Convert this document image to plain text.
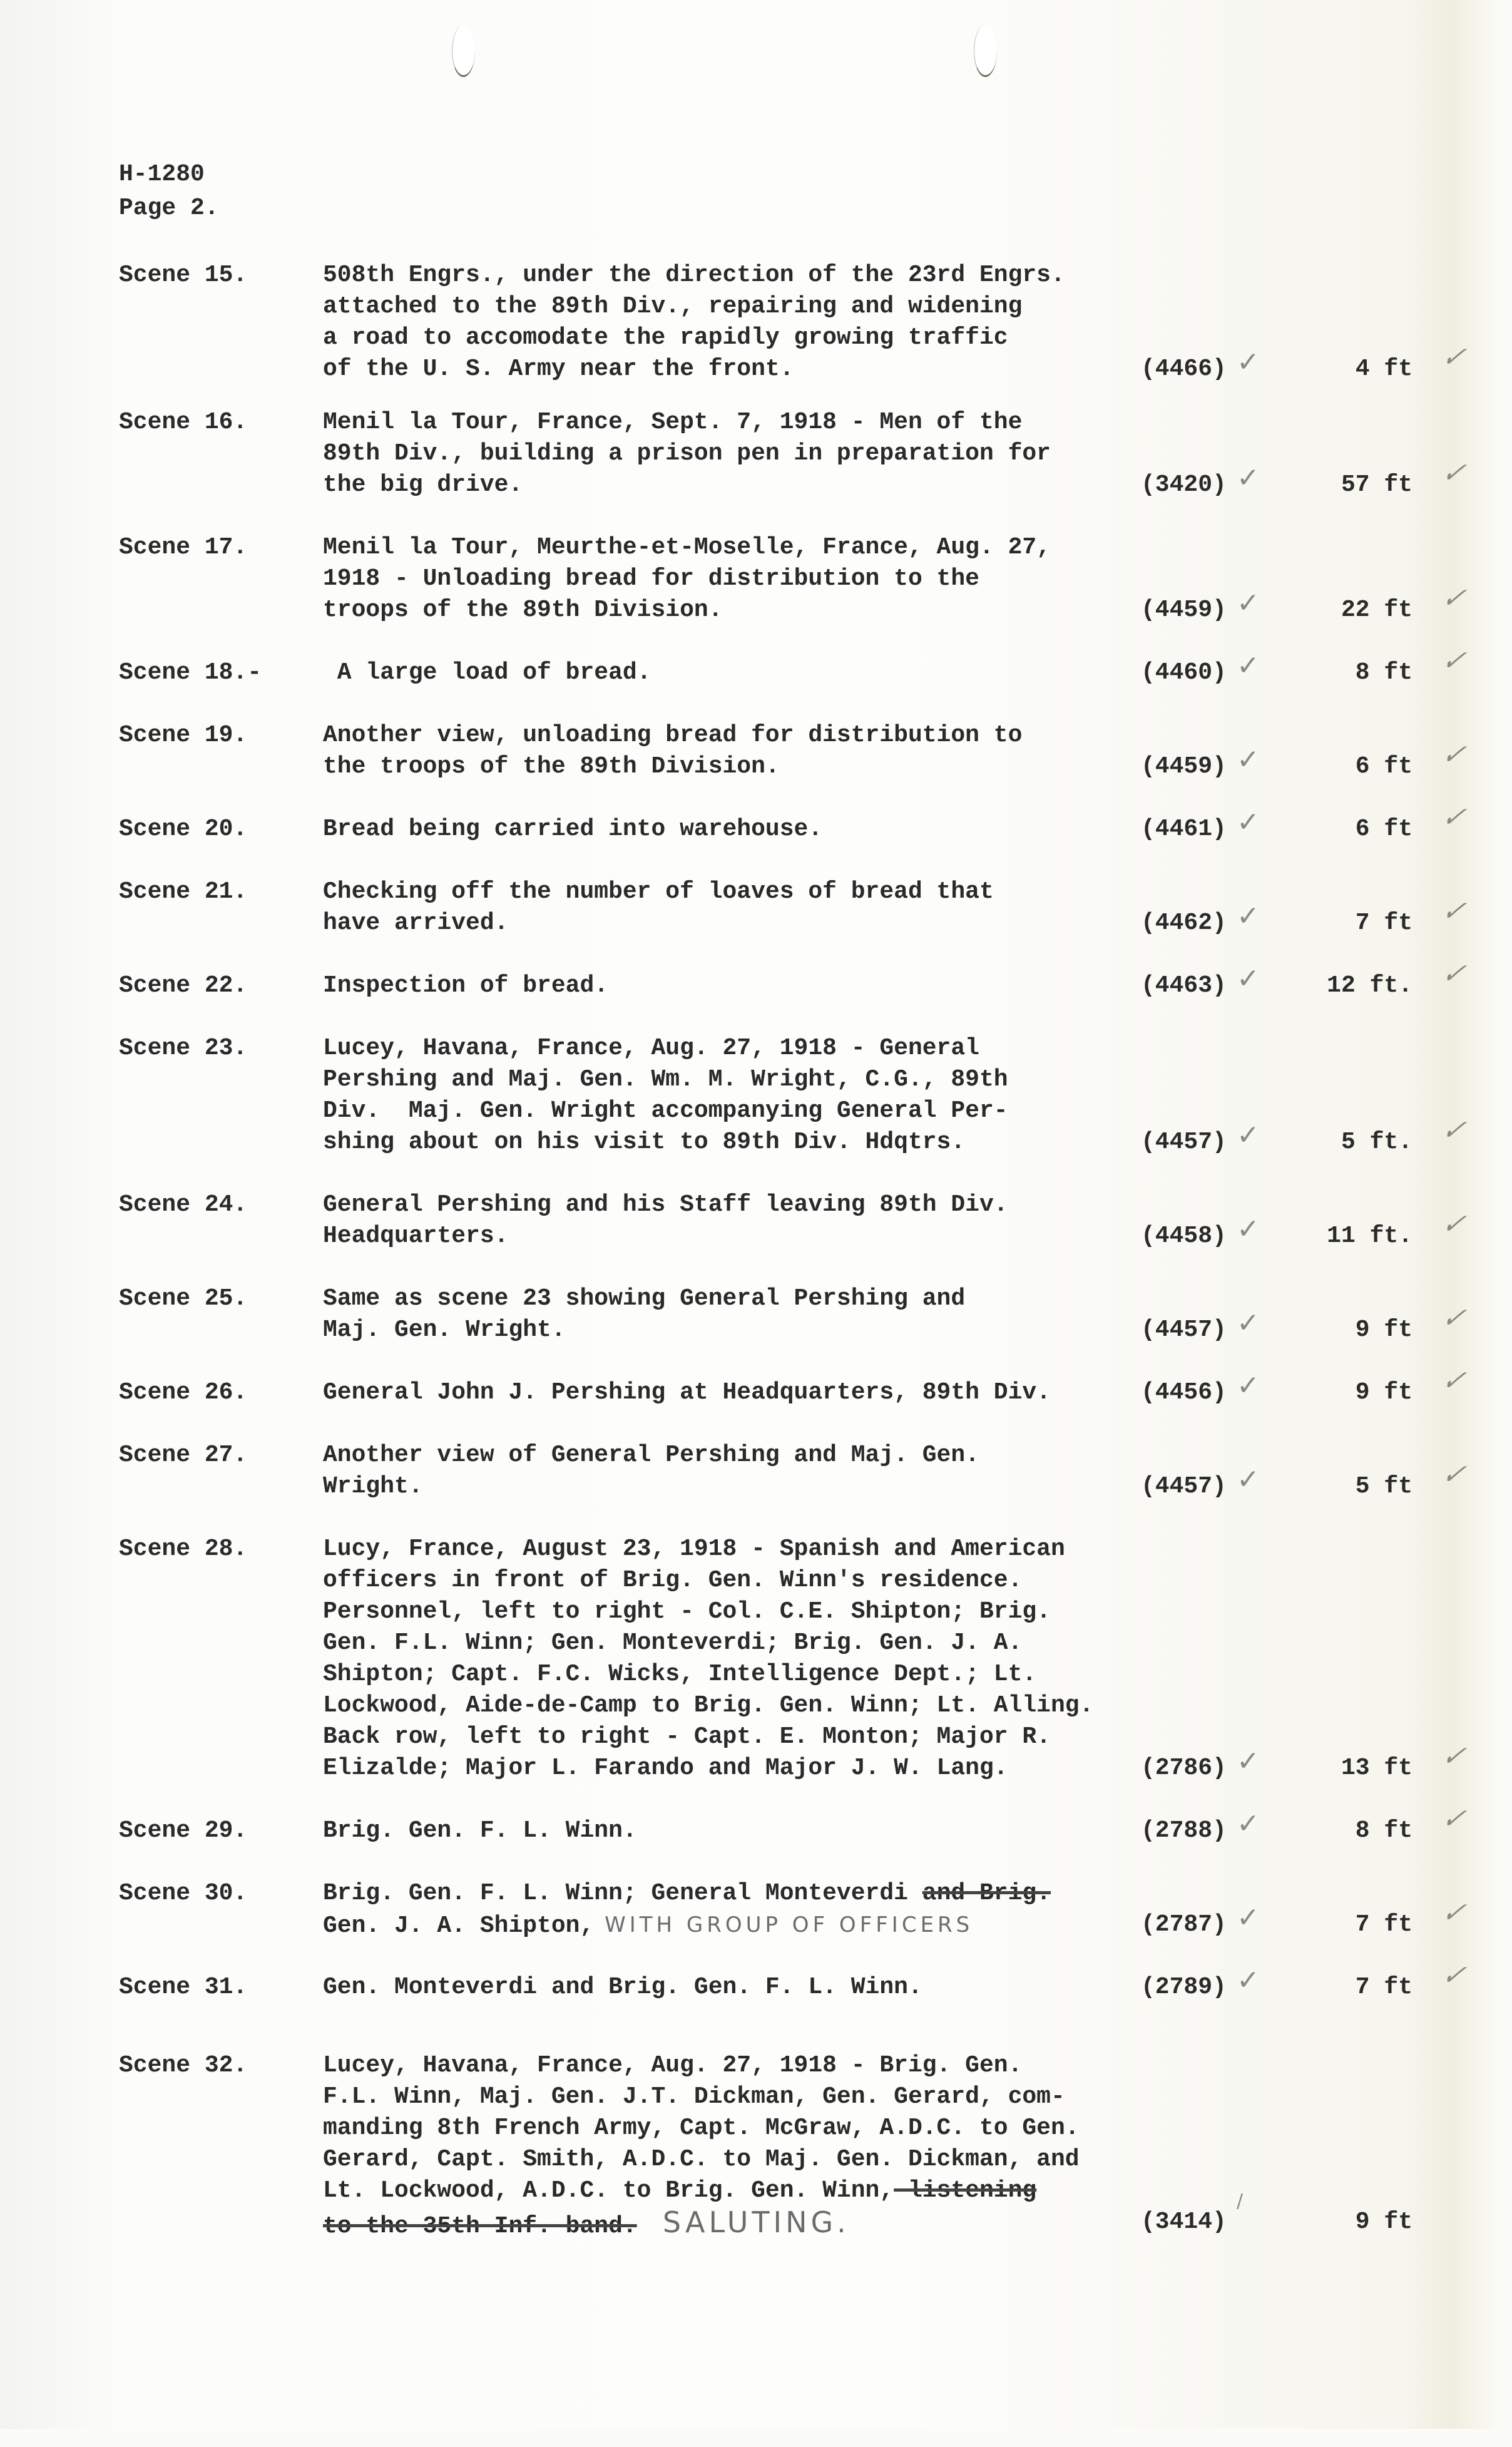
H-1280
Page 2.
Scene 15.	508th Engrs., under the direction of the 23rd Engrs.
attached to the 89th Div., repairing and widening
a road to accomodate the rapidly growing traffic
of the U. S. Army near the front.	(4466)	4 ft
✓	✓
Scene 16.	Menil la Tour, France, Sept. 7, 1918 - Men of the
89th Div., building a prison pen in preparation for
the big drive.	(3420)	57 ft
✓	✓
Scene 17.	Menil la Tour, Meurthe-et-Moselle, France, Aug. 27,
1918 - Unloading bread for distribution to the
troops of the 89th Division.	(4459)	22 ft
✓	✓
Scene 18.-	A large load of bread.	(4460)	8 ft
✓	✓
Scene 19.	Another view, unloading bread for distribution to
the troops of the 89th Division.	(4459)	6 ft
✓	✓
Scene 20.	Bread being carried into warehouse.	(4461)	6 ft
✓	✓
Scene 21.	Checking off the number of loaves of bread that
have arrived.	(4462)	7 ft
✓	✓
Scene 22.	Inspection of bread.	(4463)	12 ft.
✓	✓
Scene 23.	Lucey, Havana, France, Aug. 27, 1918 - General
Pershing and Maj. Gen. Wm. M. Wright, C.G., 89th
Div.  Maj. Gen. Wright accompanying General Per-
shing about on his visit to 89th Div. Hdqtrs.	(4457)	5 ft.
✓	✓
Scene 24.	General Pershing and his Staff leaving 89th Div.
Headquarters.	(4458)	11 ft.
✓	✓
Scene 25.	Same as scene 23 showing General Pershing and
Maj. Gen. Wright.	(4457)	9 ft
✓	✓
Scene 26.	General John J. Pershing at Headquarters, 89th Div.	(4456)	9 ft
✓	✓
Scene 27.	Another view of General Pershing and Maj. Gen.
Wright.	(4457)	5 ft
✓	✓
Scene 28.	Lucy, France, August 23, 1918 - Spanish and American
officers in front of Brig. Gen. Winn's residence.
Personnel, left to right - Col. C.E. Shipton; Brig.
Gen. F.L. Winn; Gen. Monteverdi; Brig. Gen. J. A.
Shipton; Capt. F.C. Wicks, Intelligence Dept.; Lt.
Lockwood, Aide-de-Camp to Brig. Gen. Winn; Lt. Alling.
Back row, left to right - Capt. E. Monton; Major R.
Elizalde; Major L. Farando and Major J. W. Lang.	(2786)	13 ft
✓	✓
Scene 29.	Brig. Gen. F. L. Winn.	(2788)	8 ft
✓	✓
Scene 30.	Brig. Gen. F. L. Winn; General Monteverdi and Brig.
Gen. J. A. Shipton, WITH GROUP OF OFFICERS	(2787)	7 ft
✓	✓
Scene 31.	Gen. Monteverdi and Brig. Gen. F. L. Winn.	(2789)	7 ft
✓	✓
Scene 32.	Lucey, Havana, France, Aug. 27, 1918 - Brig. Gen.
F.L. Winn, Maj. Gen. J.T. Dickman, Gen. Gerard, com-
manding 8th French Army, Capt. McGraw, A.D.C. to Gen.
Gerard, Capt. Smith, A.D.C. to Maj. Gen. Dickman, and
Lt. Lockwood, A.D.C. to Brig. Gen. Winn, listening
to the 35th Inf. band.  SALUTING.	(3414)	9 ft
/
